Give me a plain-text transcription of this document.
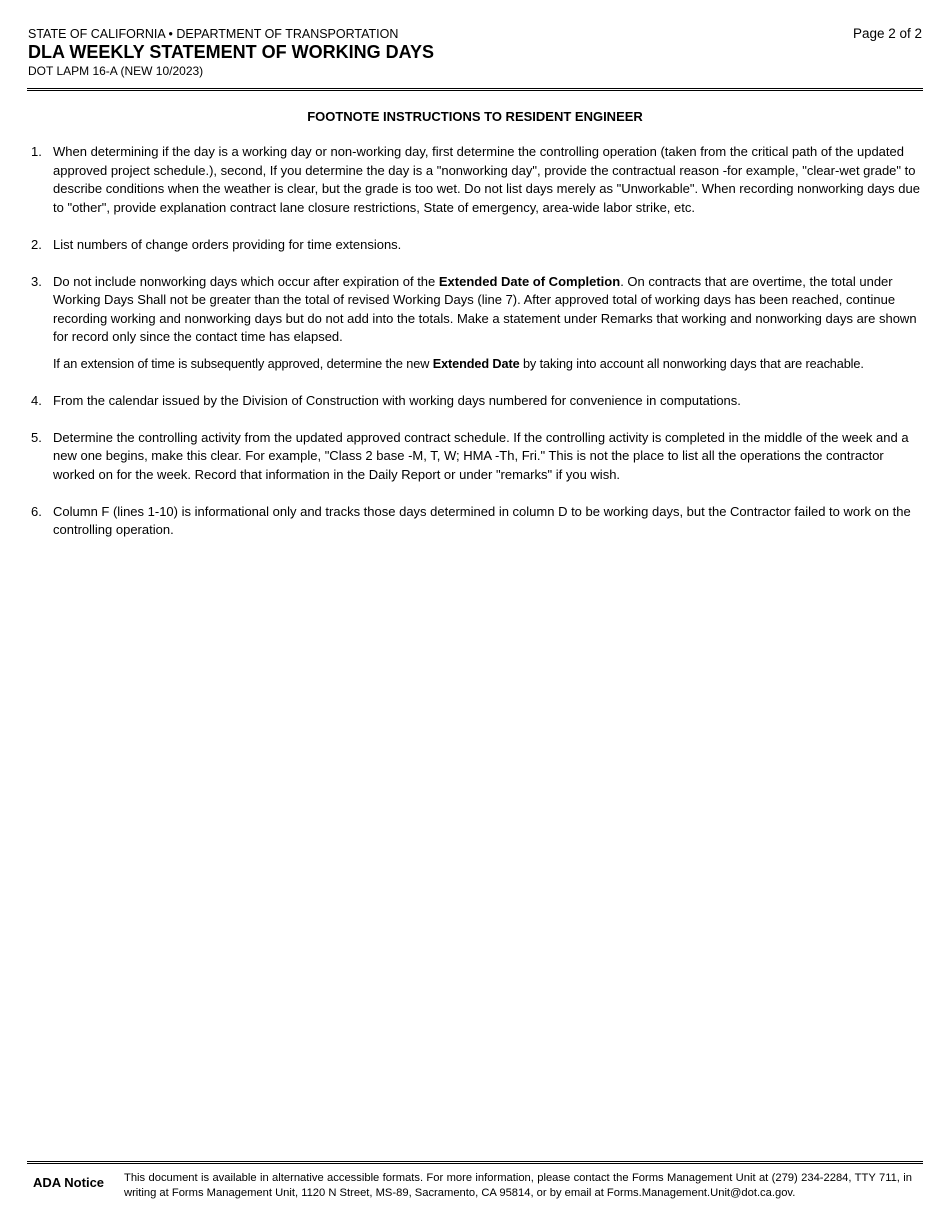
STATE OF CALIFORNIA • DEPARTMENT OF TRANSPORTATION
DLA WEEKLY STATEMENT OF WORKING DAYS
DOT LAPM 16-A (NEW 10/2023)
Page 2 of 2
FOOTNOTE INSTRUCTIONS TO RESIDENT ENGINEER
1. When determining if the day is a working day or non-working day, first determine the controlling operation (taken from the critical path of the updated approved project schedule.), second, If you determine the day is a "nonworking day", provide the contractual reason -for example, "clear-wet grade" to describe conditions when the weather is clear, but the grade is too wet. Do not list days merely as "Unworkable". When recording nonworking days due to "other", provide explanation contract lane closure restrictions, State of emergency, area-wide labor strike, etc.
2. List numbers of change orders providing for time extensions.
3. Do not include nonworking days which occur after expiration of the Extended Date of Completion. On contracts that are overtime, the total under Working Days Shall not be greater than the total of revised Working Days (line 7). After approved total of working days has been reached, continue recording working and nonworking days but do not add into the totals. Make a statement under Remarks that working and nonworking days are shown for record only since the contact time has elapsed.
If an extension of time is subsequently approved, determine the new Extended Date by taking into account all nonworking days that are reachable.
4. From the calendar issued by the Division of Construction with working days numbered for convenience in computations.
5. Determine the controlling activity from the updated approved contract schedule. If the controlling activity is completed in the middle of the week and a new one begins, make this clear. For example, "Class 2 base -M, T, W; HMA -Th, Fri." This is not the place to list all the operations the contractor worked on for the week. Record that information in the Daily Report or under "remarks" if you wish.
6. Column F (lines 1-10) is informational only and tracks those days determined in column D to be working days, but the Contractor failed to work on the controlling operation.
ADA Notice This document is available in alternative accessible formats. For more information, please contact the Forms Management Unit at (279) 234-2284, TTY 711, in writing at Forms Management Unit, 1120 N Street, MS-89, Sacramento, CA 95814, or by email at Forms.Management.Unit@dot.ca.gov.
